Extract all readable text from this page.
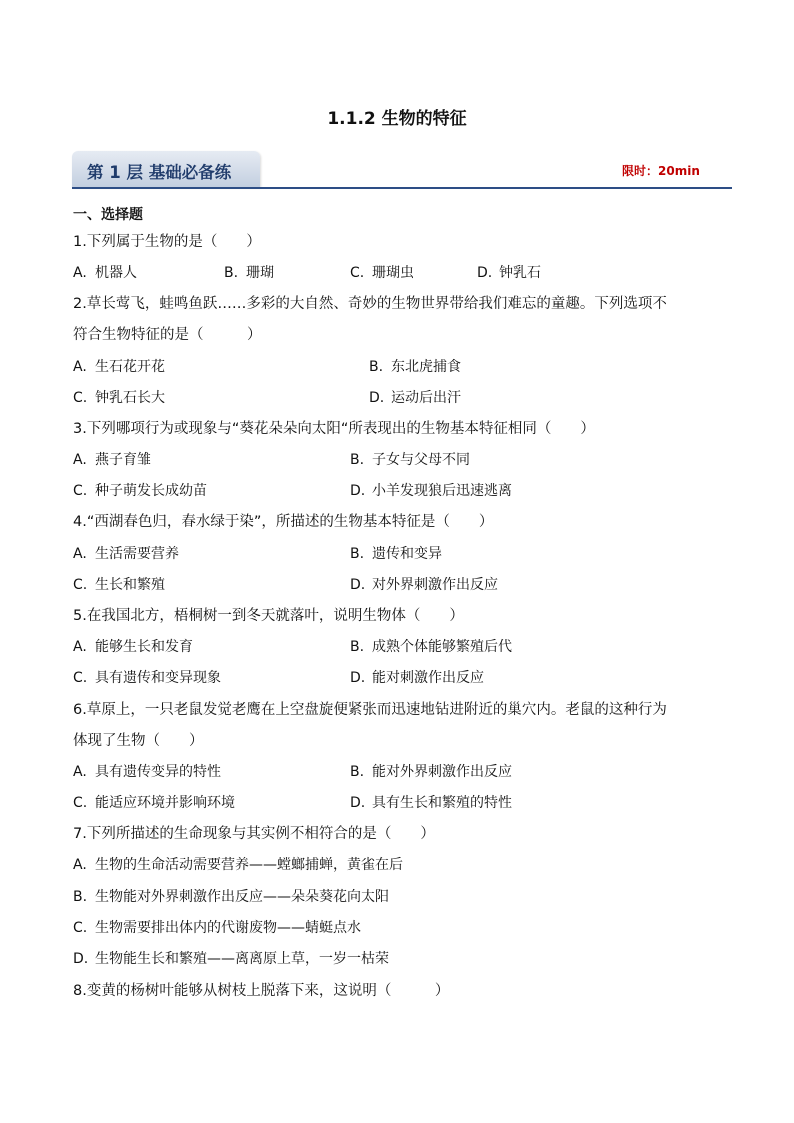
1.1.2 生物的特征
第 1 层 基础必备练	限时：20min
一、选择题
1.下列属于生物的是（　　）
A. 机器人	B. 珊瑚	C. 珊瑚虫	D. 钟乳石
2.草长莺飞，蛙鸣鱼跃……多彩的大自然、奇妙的生物世界带给我们难忘的童趣。下列选项不
符合生物特征的是（　　　）
A. 生石花开花	B. 东北虎捕食
C. 钟乳石长大	D. 运动后出汗
3.下列哪项行为或现象与“葵花朵朵向太阳“所表现出的生物基本特征相同（　　）
A. 燕子育雏	B. 子女与父母不同
C. 种子萌发长成幼苗	D. 小羊发现狼后迅速逃离
4.“西湖春色归，春水绿于染”，所描述的生物基本特征是（　　）
A. 生活需要营养	B. 遗传和变异
C. 生长和繁殖	D. 对外界刺激作出反应
5.在我国北方，梧桐树一到冬天就落叶，说明生物体（　　）
A. 能够生长和发育	B. 成熟个体能够繁殖后代
C. 具有遗传和变异现象	D. 能对刺激作出反应
6.草原上，一只老鼠发觉老鹰在上空盘旋便紧张而迅速地钻进附近的巢穴内。老鼠的这种行为
体现了生物（　　）
A. 具有遗传变异的特性	B. 能对外界刺激作出反应
C. 能适应环境并影响环境	D. 具有生长和繁殖的特性
7.下列所描述的生命现象与其实例不相符合的是（　　）
A. 生物的生命活动需要营养——螳螂捕蝉，黄雀在后
B. 生物能对外界刺激作出反应——朵朵葵花向太阳
C. 生物需要排出体内的代谢废物——蜻蜓点水
D. 生物能生长和繁殖——离离原上草，一岁一枯荣
8.变黄的杨树叶能够从树枝上脱落下来，这说明（　　　）
